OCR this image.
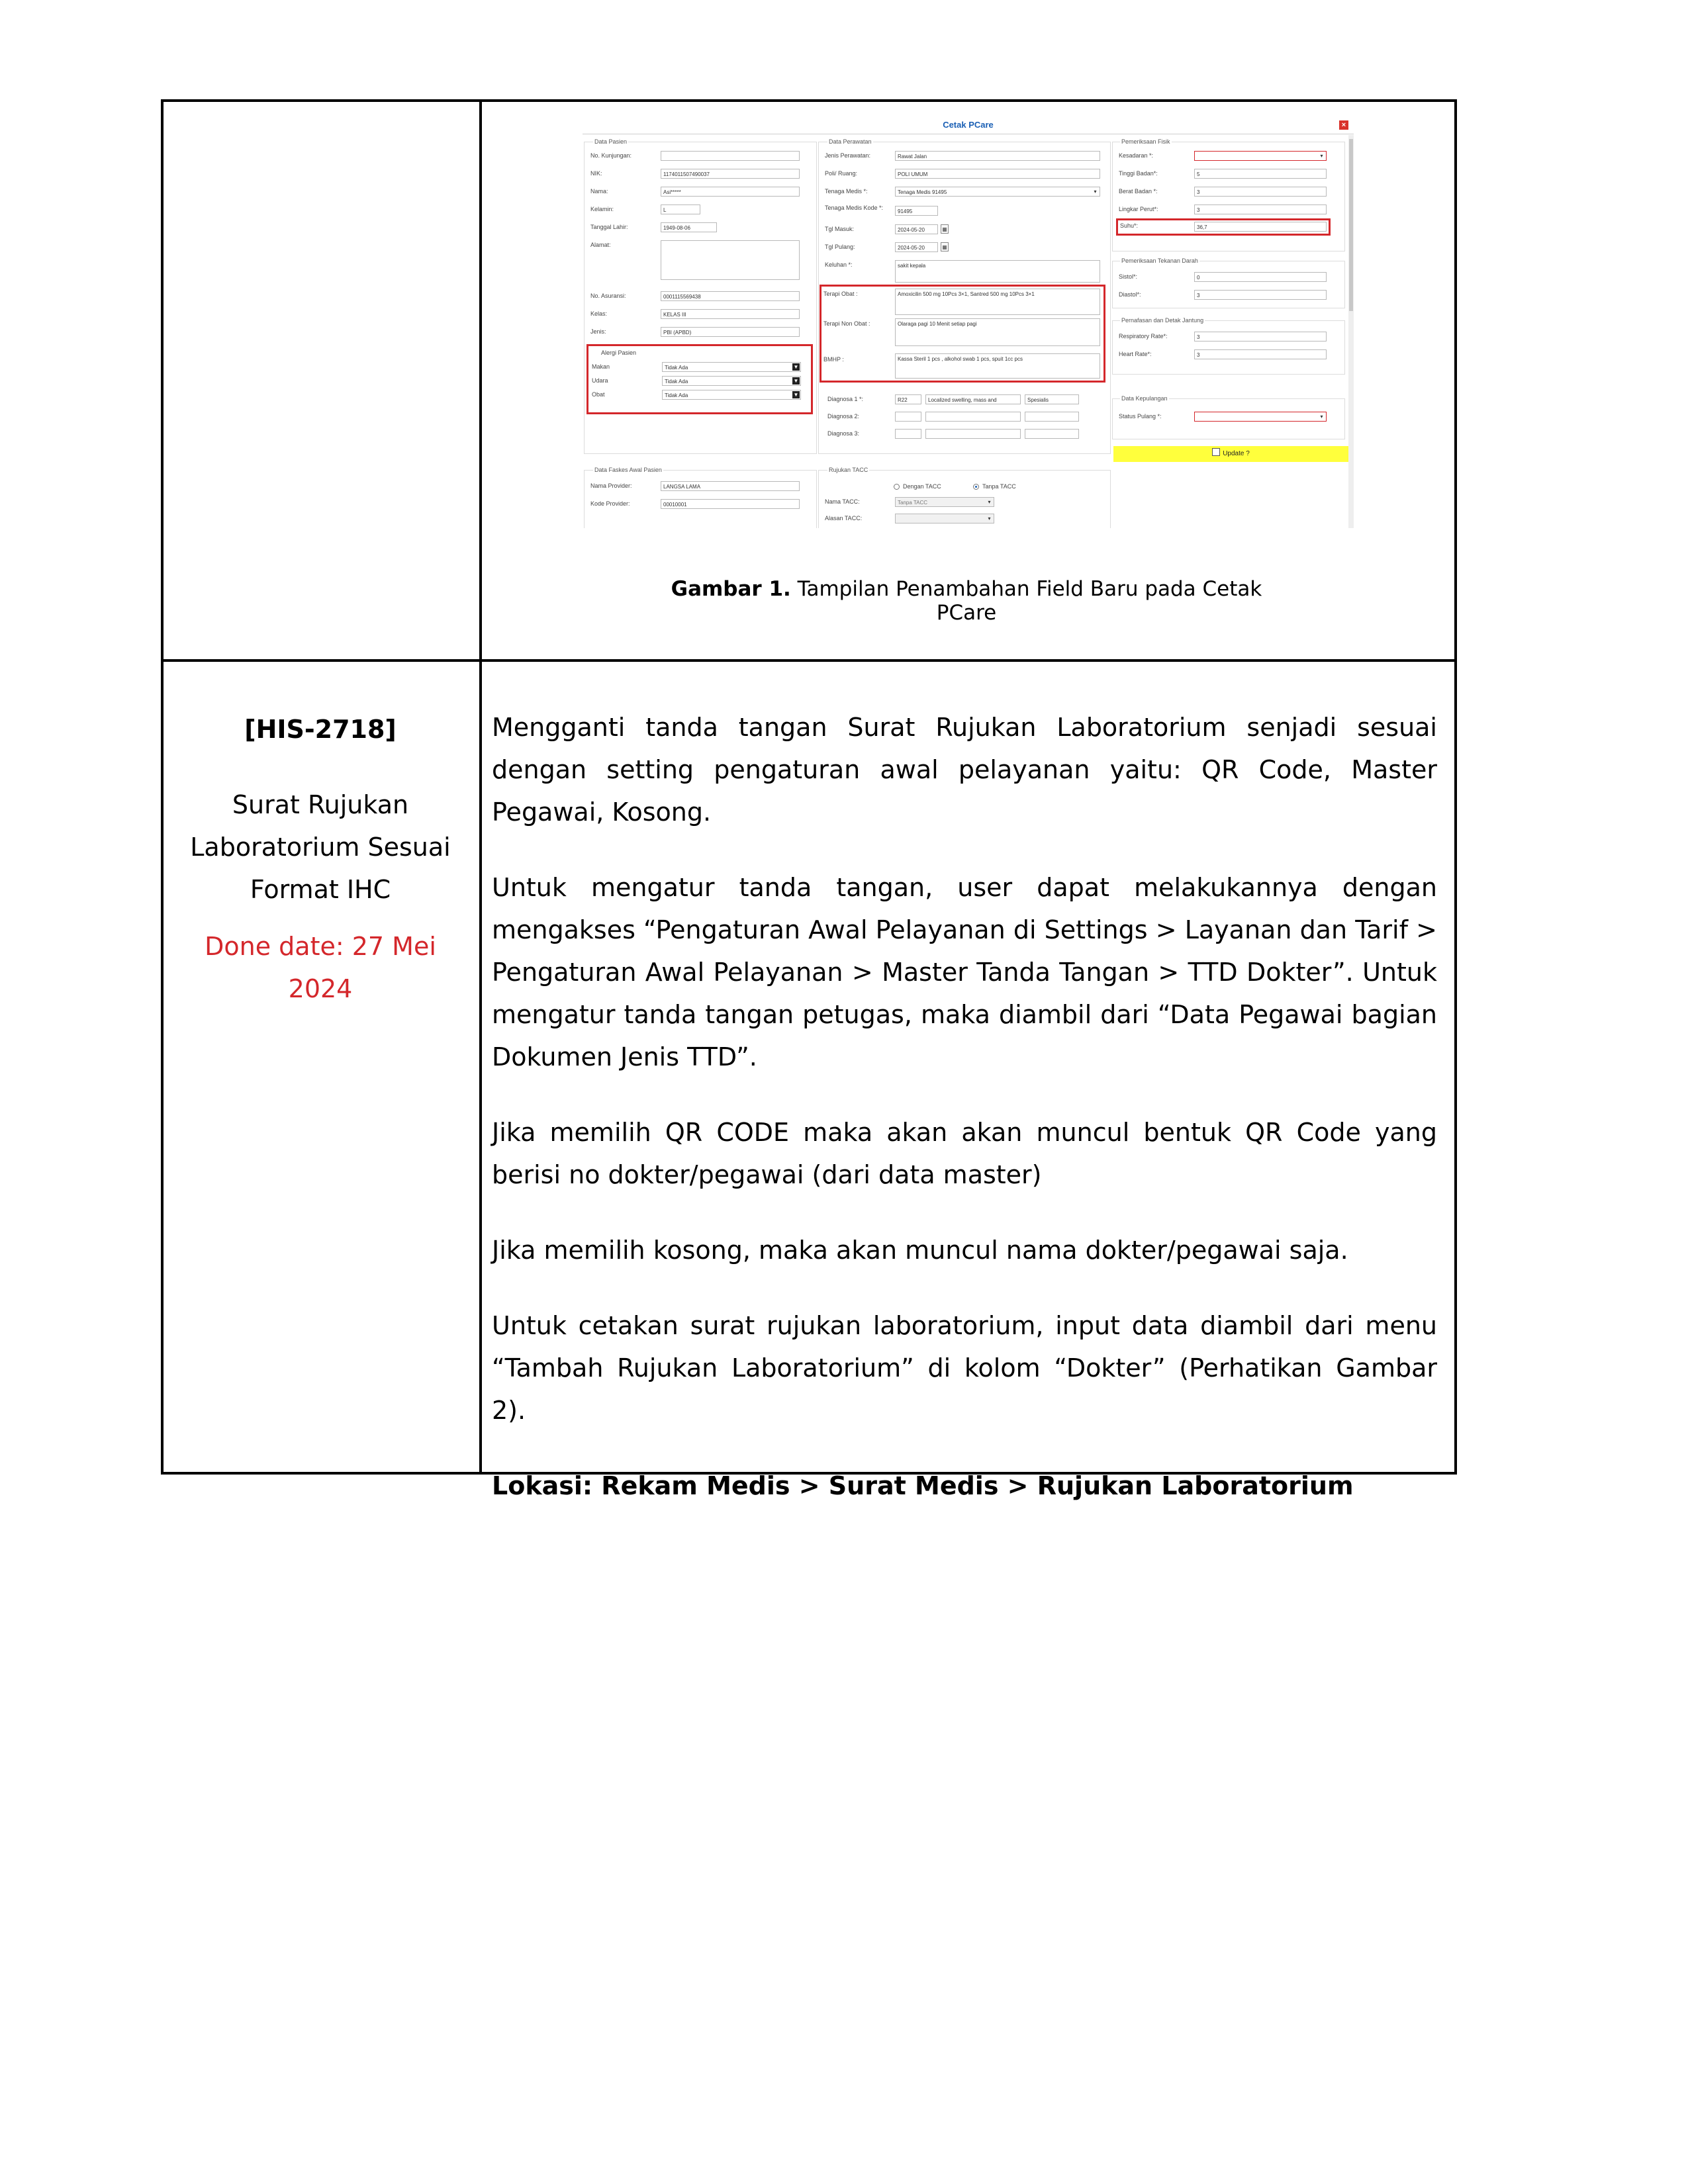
Cetak PCare	×
Data Pasien
No. Kunjungan:
NIK:	1174011507490037
Nama:	Asi*****
Kelamin:	L
Tanggal Lahir:	1949-08-06
Alamat:
No. Asuransi:	0001115569438
Kelas:	KELAS III
Jenis:	PBI (APBD)
Alergi Pasien
Makan	Tidak Ada	▼
Udara	Tidak Ada	▼
Obat	Tidak Ada	▼
Data Faskes Awal Pasien
Nama Provider:	LANGSA LAMA
Kode Provider:	00010001
Data Perawatan
Jenis Perawatan:	Rawat Jalan
Poli/ Ruang:	POLI UMUM
Tenaga Medis *:	Tenaga Medis 91495	▾
Tenaga Medis Kode *:
91495
Tgl Masuk:	2024-05-20	▦
Tgl Pulang:	2024-05-20	▦
Keluhan *:	sakit kepala
Terapi Obat :	Amoxicilin 500 mg 10Pcs 3×1, Santred 500 mg 10Pcs 3×1
Terapi Non Obat :	Olaraga pagi 10 Menit setiap pagi
BMHP :	Kassa Steril 1 pcs , alkohol swab 1 pcs, spuit 1cc pcs
Diagnosa 1 *:	R22	Localized swelling, mass and	Spesialis
Diagnosa 2:
Diagnosa 3:
Rujukan TACC
Dengan TACC	Tanpa TACC
Nama TACC:	Tanpa TACC	▾
Alasan TACC:	▾
Pemeriksaan Fisik
Kesadaran *:	▾
Tinggi Badan*:	5
Berat Badan *:	3
Lingkar Perut*:	3
Suhu*:	36,7
Pemeriksaan Tekanan Darah
Sistol*:	0
Diastol*:	3
Pernafasan dan Detak Jantung
Respiratory Rate*:	3
Heart Rate*:	3
Data Kepulangan
Status Pulang *:	▾
Update ?
Gambar 1. Tampilan Penambahan Field Baru pada Cetak PCare
[HIS-2718]
Surat Rujukan Laboratorium Sesuai Format IHC
Done date: 27 Mei 2024

Mengganti tanda tangan Surat Rujukan Laboratorium senjadi sesuai dengan setting pengaturan awal pelayanan yaitu: QR Code, Master Pegawai, Kosong.

Untuk mengatur tanda tangan, user dapat melakukannya dengan mengakses “Pengaturan Awal Pelayanan di Settings > Layanan dan Tarif > Pengaturan Awal Pelayanan > Master Tanda Tangan > TTD Dokter”. Untuk mengatur tanda tangan petugas, maka diambil dari “Data Pegawai bagian Dokumen Jenis TTD”.

Jika memilih QR CODE maka akan akan muncul bentuk QR Code yang berisi no dokter/pegawai (dari data master)

Jika memilih kosong, maka akan muncul nama dokter/pegawai saja.

Untuk cetakan surat rujukan laboratorium, input data diambil dari menu “Tambah Rujukan Laboratorium” di kolom “Dokter” (Perhatikan Gambar 2).

Lokasi: Rekam Medis > Surat Medis > Rujukan Laboratorium
